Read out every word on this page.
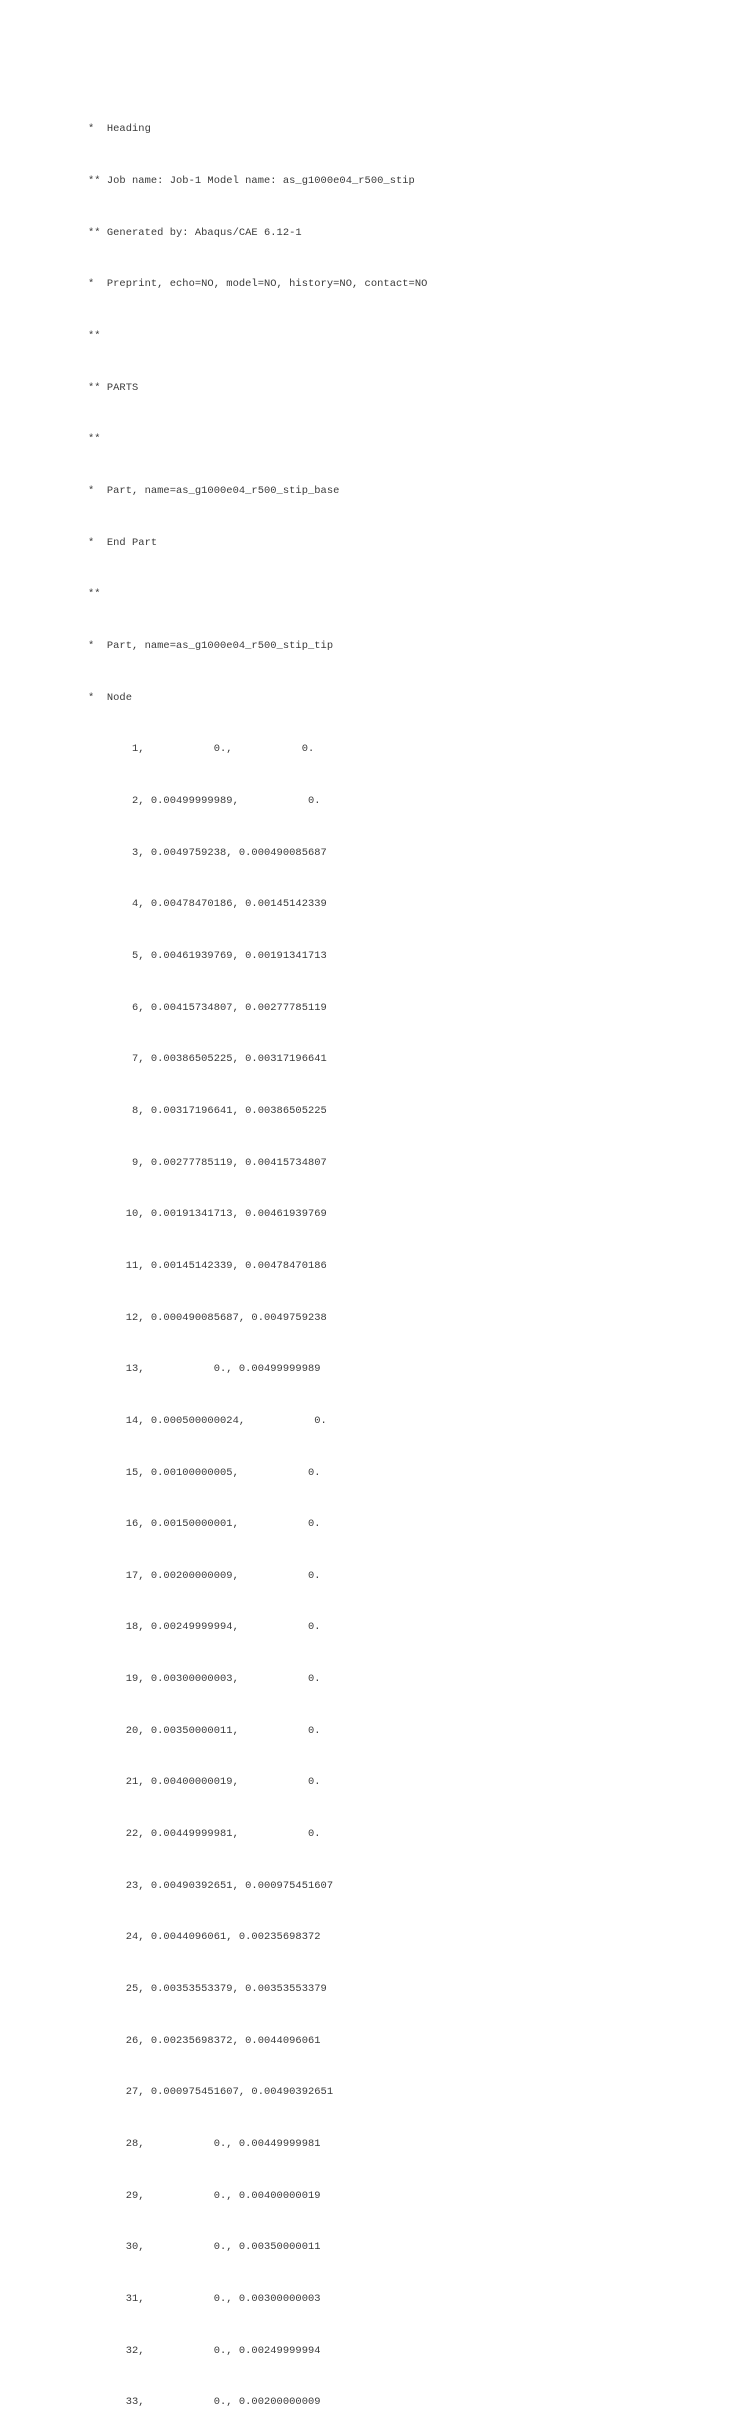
*  Heading

** Job name: Job-1 Model name: as_g1000e04_r500_stip

** Generated by: Abaqus/CAE 6.12-1

*  Preprint, echo=NO, model=NO, history=NO, contact=NO

**

** PARTS

**

*  Part, name=as_g1000e04_r500_stip_base

*  End Part

**

*  Part, name=as_g1000e04_r500_stip_tip

*  Node

1,           0.,           0.

2, 0.00499999989,           0.

3, 0.0049759238, 0.000490085687

4, 0.00478470186, 0.00145142339

5, 0.00461939769, 0.00191341713

6, 0.00415734807, 0.00277785119

7, 0.00386505225, 0.00317196641

8, 0.00317196641, 0.00386505225

9, 0.00277785119, 0.00415734807

10, 0.00191341713, 0.00461939769

11, 0.00145142339, 0.00478470186

12, 0.000490085687, 0.0049759238

13,           0., 0.00499999989

14, 0.000500000024,           0.

15, 0.00100000005,           0.

16, 0.00150000001,           0.

17, 0.00200000009,           0.

18, 0.00249999994,           0.

19, 0.00300000003,           0.

20, 0.00350000011,           0.

21, 0.00400000019,           0.

22, 0.00449999981,           0.

23, 0.00490392651, 0.000975451607

24, 0.0044096061, 0.00235698372

25, 0.00353553379, 0.00353553379

26, 0.00235698372, 0.0044096061

27, 0.000975451607, 0.00490392651

28,           0., 0.00449999981

29,           0., 0.00400000019

30,           0., 0.00350000011

31,           0., 0.00300000003

32,           0., 0.00249999994

33,           0., 0.00200000009
